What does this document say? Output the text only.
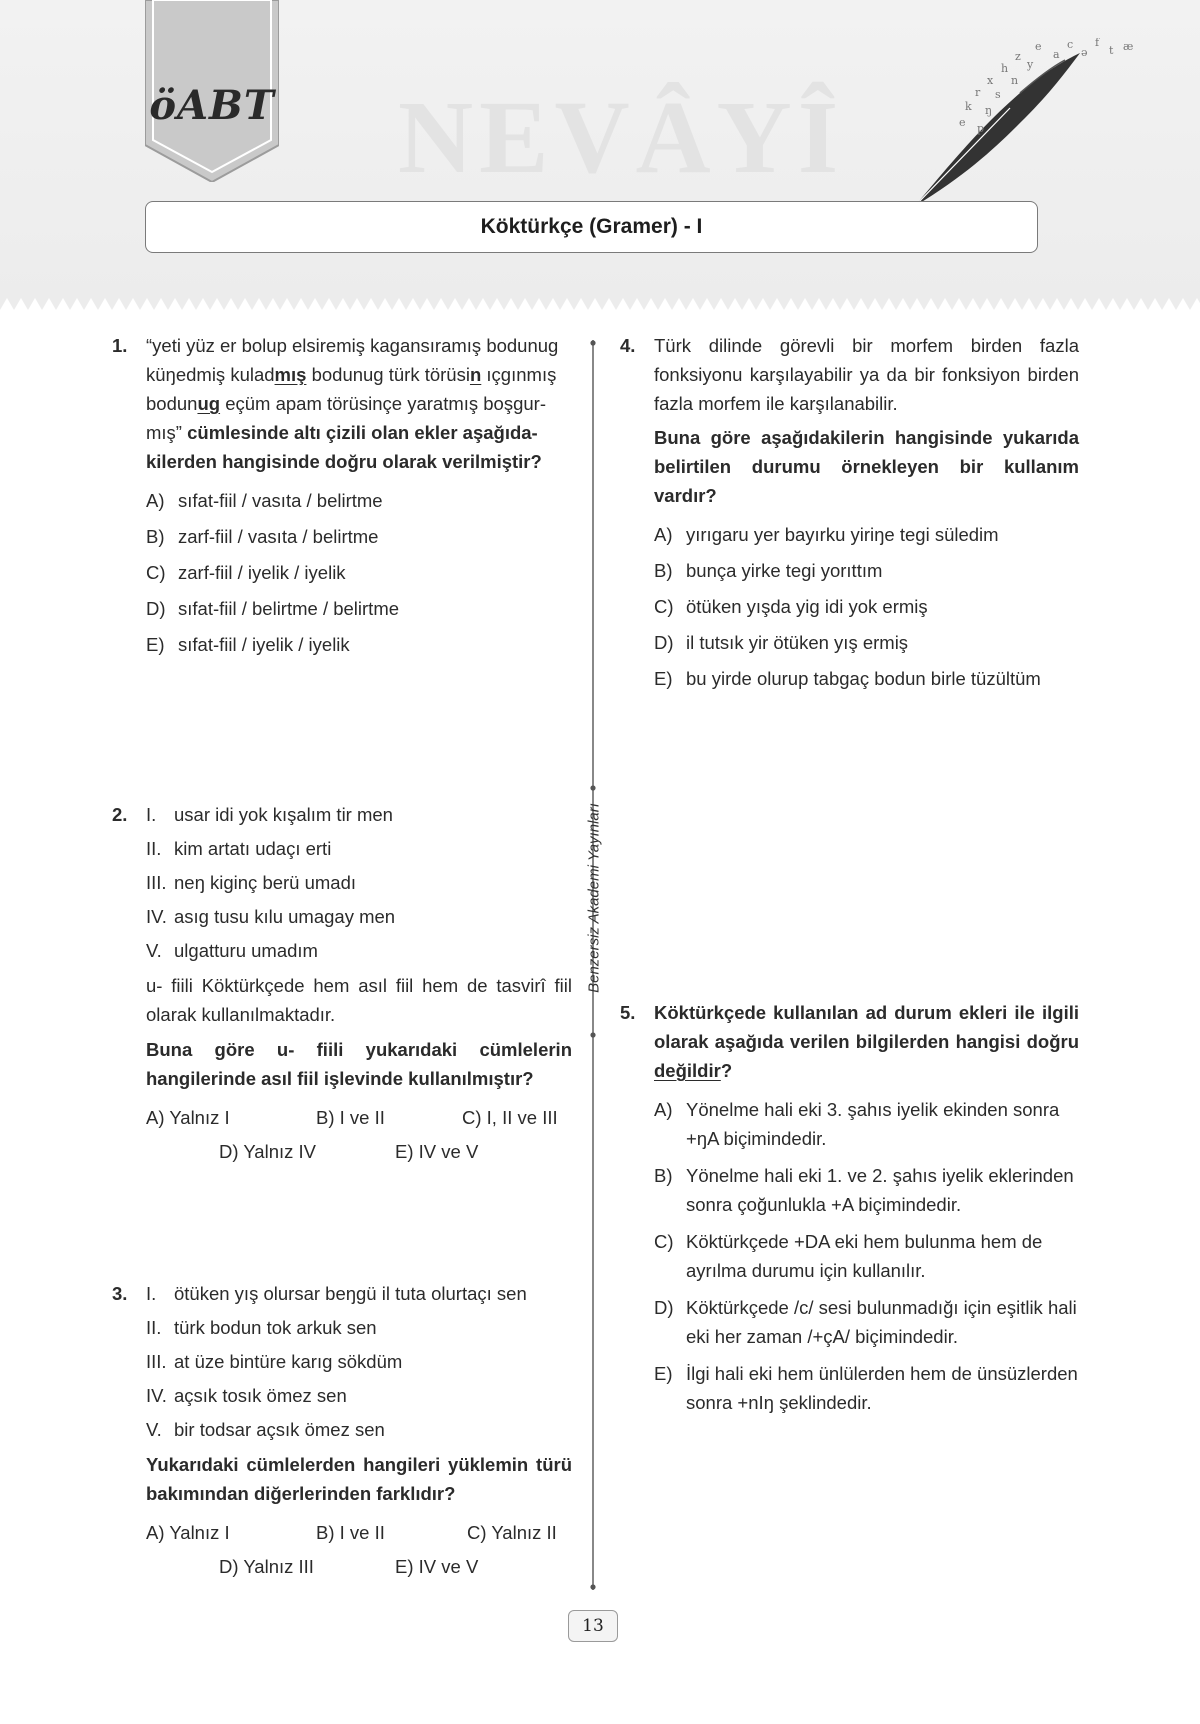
öABT NEVÂYÎ
e
a
c
ə
f
t æ
z
h y
x n
r s
k ŋ
e p
Köktürkçe (Gramer) - I
Benzersiz Akademi Yayınları
1. “yeti yüz er bolup elsiremiş kagansıramış bodunug
küŋedmiş kuladmış bodunug türk törüsin ıçgınmış
bodunug eçüm apam törüsinçe yaratmış boşgur-
mış” cümlesinde altı çizili olan ekler aşağıda-
kilerden hangisinde doğru olarak verilmiştir?

A) sıfat-fiil / vasıta / belirtme
B) zarf-fiil / vasıta / belirtme
C) zarf-fiil / iyelik / iyelik
D) sıfat-fiil / belirtme / belirtme
E) sıfat-fiil / iyelik / iyelik
2. I. usar idi yok kışalım tir men
II. kim artatı udaçı erti
III. neŋ kiginç berü umadı
IV. asıg tusu kılu umagay men
V. ulgatturu umadım

u- fiili Köktürkçede hem asıl fiil hem de tasvirî fiil olarak kullanılmaktadır.

Buna göre u- fiili yukarıdaki cümlelerin hangilerinde asıl fiil işlevinde kullanılmıştır?

A) Yalnız I	B) I ve II	C) I, II ve III
D) Yalnız IV	E) IV ve V
3. I. ötüken yış olursar beŋgü il tuta olurtaçı sen
II. türk bodun tok arkuk sen
III. at üze bintüre karıg sökdüm
IV. açsık tosık ömez sen
V. bir todsar açsık ömez sen

Yukarıdaki cümlelerden hangileri yüklemin türü bakımından diğerlerinden farklıdır?

A) Yalnız I	B) I ve II	C) Yalnız II
D) Yalnız III	E) IV ve V
4. Türk dilinde görevli bir morfem birden fazla fonksiyonu karşılayabilir ya da bir fonksiyon birden fazla morfem ile karşılanabilir.

Buna göre aşağıdakilerin hangisinde yukarıda belirtilen durumu örnekleyen bir kullanım vardır?

A) yırıgaru yer bayırku yiriŋe tegi süledim
B) bunça yirke tegi yorıttım
C) ötüken yışda yig idi yok ermiş
D) il tutsık yir ötüken yış ermiş
E) bu yirde olurup tabgaç bodun birle tüzültüm
5. Köktürkçede kullanılan ad durum ekleri ile ilgili olarak aşağıda verilen bilgilerden hangisi doğru değildir?

A) Yönelme hali eki 3. şahıs iyelik ekinden sonra +ŋA biçimindedir.
B) Yönelme hali eki 1. ve 2. şahıs iyelik eklerinden sonra çoğunlukla +A biçimindedir.
C) Köktürkçede +DA eki hem bulunma hem de ayrılma durumu için kullanılır.
D) Köktürkçede /c/ sesi bulunmadığı için eşitlik hali eki her zaman /+çA/ biçimindedir.
E) İlgi hali eki hem ünlülerden hem de ünsüzlerden sonra +nIŋ şeklindedir.
13
